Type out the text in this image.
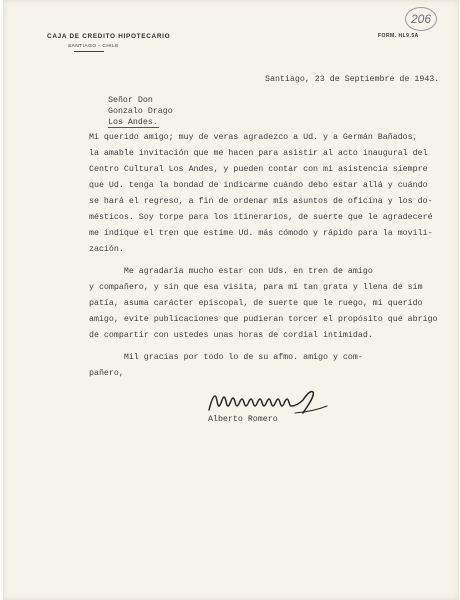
206
CAJA DE CREDITO HIPOTECARIO
SANTIAGO - CHILE
FORM. HL9.5A
Santiago, 23 de Septiembre de 1943.
Señor Don
Gonzalo Drago
Los Andes.
Mi querido amigo; muy de veras agradezco a Ud. y a Germán Bañados,
la amable invitación que me hacen para asistir al acto inaugural del
Centro Cultural Los Andes, y pueden contar con mi asistencia siempre
que Ud. tenga la bondad de indicarme cuándo debo estar allá y cuándo
se hará el regreso, a fin de ordenar mis asuntos de oficina y los do-
mésticos. Soy torpe para los itinerarios, de suerte que le agradeceré
me indique el tren que estime Ud. más cómodo y rápido para la movili-
zación.
Me agradaría mucho estar con Uds. en tren de amigo
y compañero, y sin que esa visita, para mí tan grata y llena de sim
patía, asuma carácter episcopal, de suerte que le ruego, mi querido
amigo, evite publicaciones que pudieran torcer el propósito que abrigo
de compartir con ustedes unas horas de cordial intimidad.
Mil gracias por todo lo de su afmo. amigo y com-
pañero,
Alberto Romero
